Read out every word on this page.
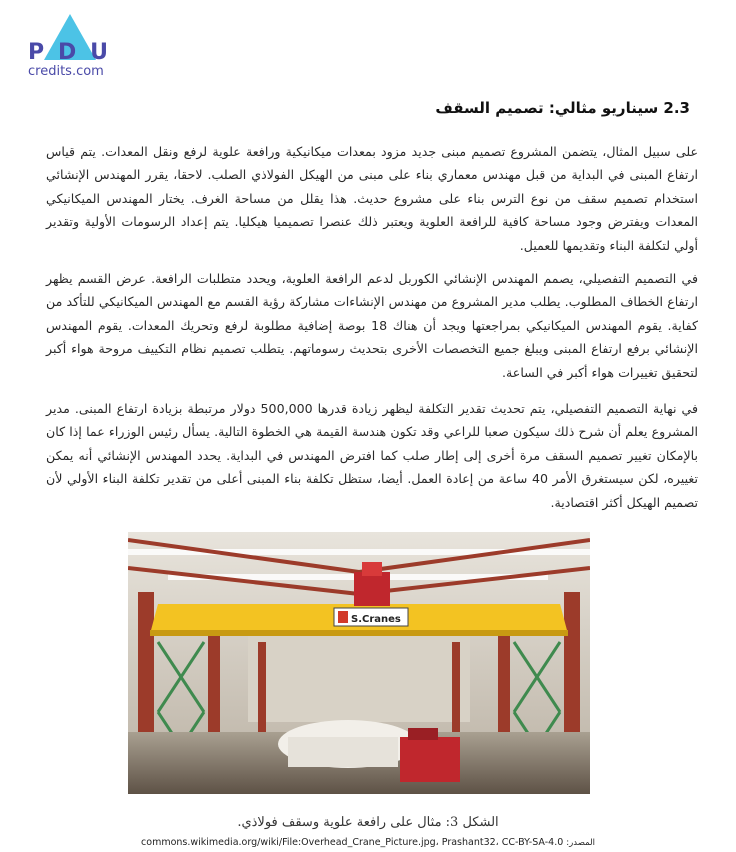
P D U
credits.com
2.3 سيناريو مثالي: تصميم السقف

على سبيل المثال، يتضمن المشروع تصميم مبنى جديد مزود بمعدات ميكانيكية ورافعة علوية لرفع ونقل المعدات. يتم قياس ارتفاع المبنى في البداية من قبل مهندس معماري بناء على مبنى من الهيكل الفولاذي الصلب. لاحقا، يقرر المهندس الإنشائي استخدام تصميم سقف من نوع الترس بناء على مشروع حديث. هذا يقلل من مساحة الغرف. يختار المهندس الميكانيكي المعدات ويفترض وجود مساحة كافية للرافعة العلوية ويعتبر ذلك عنصرا تصميميا هيكليا. يتم إعداد الرسومات الأولية وتقدير أولي لتكلفة البناء وتقديمها للعميل.

في التصميم التفصيلي، يصمم المهندس الإنشائي الكوربل لدعم الرافعة العلوية، ويحدد متطلبات الرافعة. عرض القسم يظهر ارتفاع الخطاف المطلوب. يطلب مدير المشروع من مهندس الإنشاءات مشاركة رؤية القسم مع المهندس الميكانيكي للتأكد من كفاية. يقوم المهندس الميكانيكي بمراجعتها ويجد أن هناك 18 بوصة إضافية مطلوبة لرفع وتحريك المعدات. يقوم المهندس الإنشائي برفع ارتفاع المبنى ويبلغ جميع التخصصات الأخرى بتحديث رسوماتهم. يتطلب تصميم نظام التكييف مروحة هواء أكبر لتحقيق تغييرات هواء أكبر في الساعة.

في نهاية التصميم التفصيلي، يتم تحديث تقدير التكلفة ليظهر زيادة قدرها 500,000 دولار مرتبطة بزيادة ارتفاع المبنى. مدير المشروع يعلم أن شرح ذلك سيكون صعبا للراعي وقد تكون هندسة القيمة هي الخطوة التالية. يسأل رئيس الوزراء عما إذا كان بالإمكان تغيير تصميم السقف مرة أخرى إلى إطار صلب كما افترض المهندس في البداية. يحدد المهندس الإنشائي أنه يمكن تغييره، لكن سيستغرق الأمر 40 ساعة من إعادة العمل. أيضا، ستظل تكلفة بناء المبنى أعلى من تقدير تكلفة البناء الأولي لأن تصميم الهيكل أكثر اقتصادية.

S.Cranes

الشكل 3: مثال على رافعة علوية وسقف فولاذي.

commons.wikimedia.org/wiki/File:Overhead_Crane_Picture.jpg، Prashant32، CC-BY-SA-4.0 المصدر:
